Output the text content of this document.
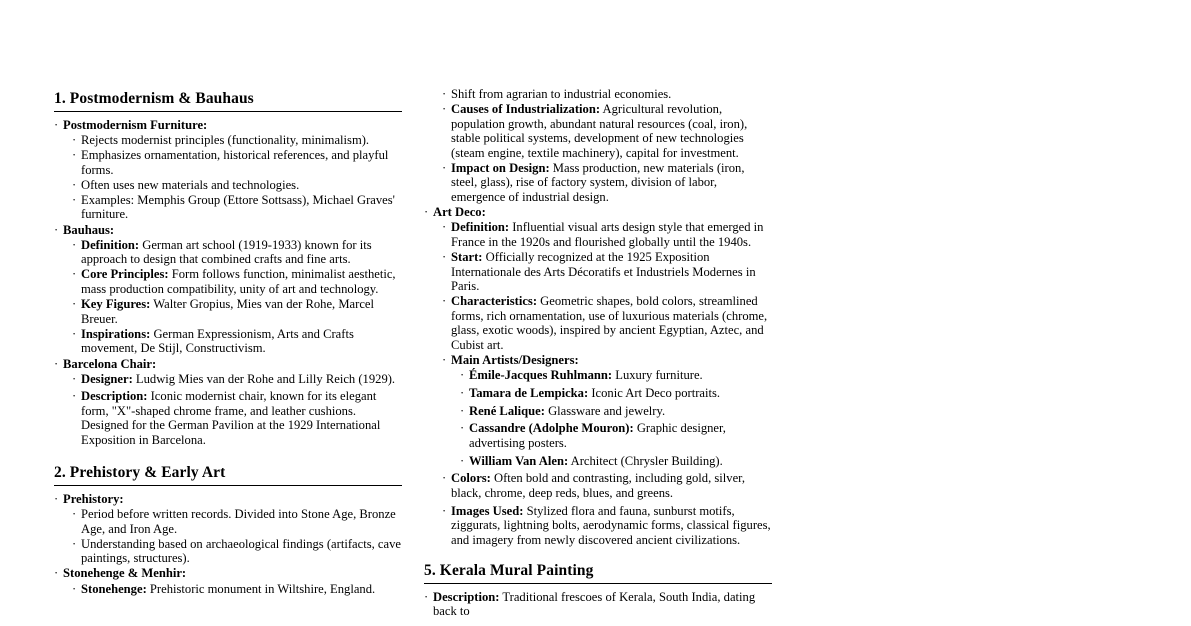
1. Postmodernism & Bauhaus
· Postmodernism Furniture:
· Rejects modernist principles (functionality, minimalism).
· Emphasizes ornamentation, historical references, and playful forms.
· Often uses new materials and technologies.
· Examples: Memphis Group (Ettore Sottsass), Michael Graves' furniture.
· Bauhaus:
· Definition: German art school (1919-1933) known for its approach to design that combined crafts and fine arts.
· Core Principles: Form follows function, minimalist aesthetic, mass production compatibility, unity of art and technology.
· Key Figures: Walter Gropius, Mies van der Rohe, Marcel Breuer.
· Inspirations: German Expressionism, Arts and Crafts movement, De Stijl, Constructivism.
· Barcelona Chair:
· Designer: Ludwig Mies van der Rohe and Lilly Reich (1929).
· Description: Iconic modernist chair, known for its elegant form, "X"-shaped chrome frame, and leather cushions. Designed for the German Pavilion at the 1929 International Exposition in Barcelona.
2. Prehistory & Early Art
· Prehistory:
· Period before written records. Divided into Stone Age, Bronze Age, and Iron Age.
· Understanding based on archaeological findings (artifacts, cave paintings, structures).
· Stonehenge & Menhir:
· Stonehenge: Prehistoric monument in Wiltshire, England.
· Shift from agrarian to industrial economies.
· Causes of Industrialization: Agricultural revolution, population growth, abundant natural resources (coal, iron), stable political systems, development of new technologies (steam engine, textile machinery), capital for investment.
· Impact on Design: Mass production, new materials (iron, steel, glass), rise of factory system, division of labor, emergence of industrial design.
· Art Deco:
· Definition: Influential visual arts design style that emerged in France in the 1920s and flourished globally until the 1940s.
· Start: Officially recognized at the 1925 Exposition Internationale des Arts Décoratifs et Industriels Modernes in Paris.
· Characteristics: Geometric shapes, bold colors, streamlined forms, rich ornamentation, use of luxurious materials (chrome, glass, exotic woods), inspired by ancient Egyptian, Aztec, and Cubist art.
· Main Artists/Designers:
· Émile-Jacques Ruhlmann: Luxury furniture.
· Tamara de Lempicka: Iconic Art Deco portraits.
· René Lalique: Glassware and jewelry.
· Cassandre (Adolphe Mouron): Graphic designer, advertising posters.
· William Van Alen: Architect (Chrysler Building).
· Colors: Often bold and contrasting, including gold, silver, black, chrome, deep reds, blues, and greens.
· Images Used: Stylized flora and fauna, sunburst motifs, ziggurats, lightning bolts, aerodynamic forms, classical figures, and imagery from newly discovered ancient civilizations.
5. Kerala Mural Painting
· Description: Traditional frescoes of Kerala, South India, dating back to
